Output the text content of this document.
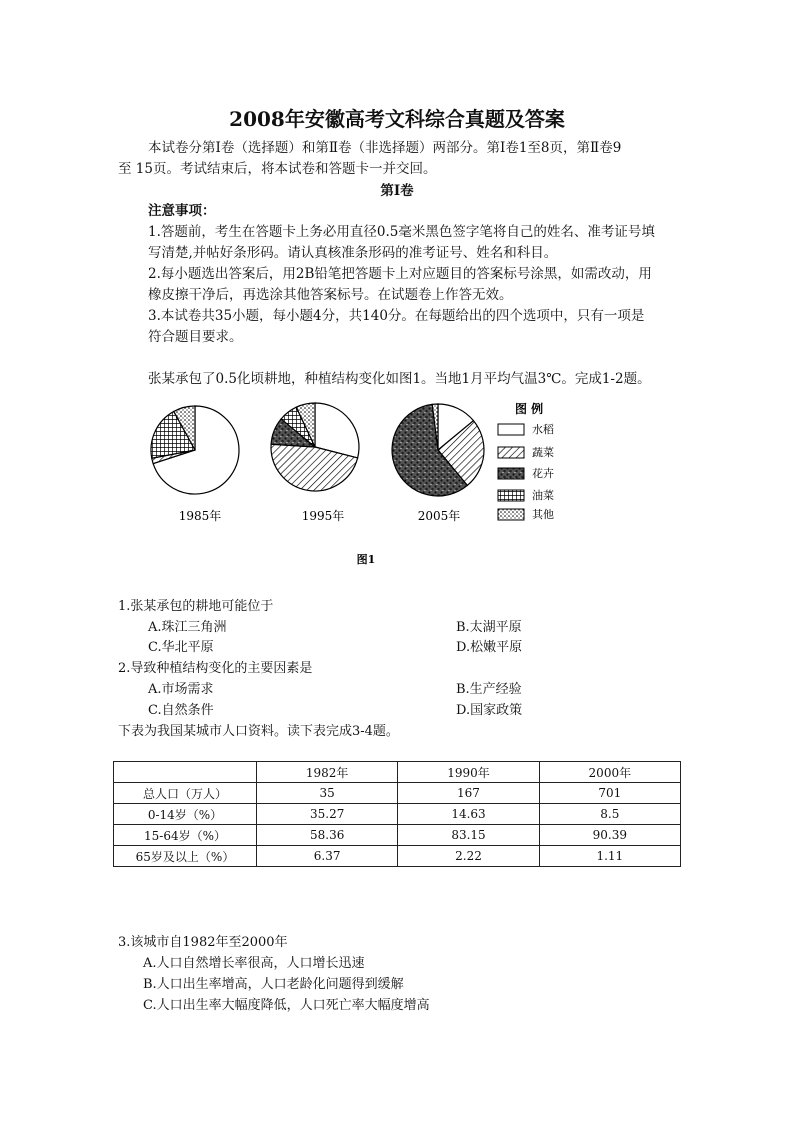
2008年安徽高考文科综合真题及答案
本试卷分第Ⅰ卷（选择题）和第Ⅱ卷（非选择题）两部分。第Ⅰ卷1至8页，第Ⅱ卷9
至 15页。考试结束后，将本试卷和答题卡一并交回。
第Ⅰ卷
注意事项：
1.答题前，考生在答题卡上务必用直径0.5毫米黑色签字笔将自己的姓名、准考证号填
写清楚,并帖好条形码。请认真核准条形码的准考证号、姓名和科目。
2.每小题选出答案后，用2B铅笔把答题卡上对应题目的答案标号涂黑，如需改动，用
橡皮擦干净后，再选涂其他答案标号。在试题卷上作答无效。
3.本试卷共35小题，每小题4分，共140分。在每题给出的四个选项中，只有一项是
符合题目要求。
张某承包了0.5化顷耕地，种植结构变化如图1。当地1月平均气温3℃。完成1-2题。
1985年	1995年	2005年
图 例
水稻
蔬菜
花卉
油菜
其他
图1
1.张某承包的耕地可能位于
A.珠江三角洲	B.太湖平原
C.华北平原	D.松嫩平原
2.导致种植结构变化的主要因素是
A.市场需求	B.生产经验
C.自然条件	D.国家政策
下表为我国某城市人口资料。读下表完成3-4题。
	1982年	1990年	2000年
总人口（万人）	35	167	701
0-14岁（%）	35.27	14.63	8.5
15-64岁（%）	58.36	83.15	90.39
65岁及以上（%）	6.37	2.22	1.11
3.该城市自1982年至2000年
A.人口自然增长率很高，人口增长迅速
B.人口出生率增高，人口老龄化问题得到缓解
C.人口出生率大幅度降低，人口死亡率大幅度增高
